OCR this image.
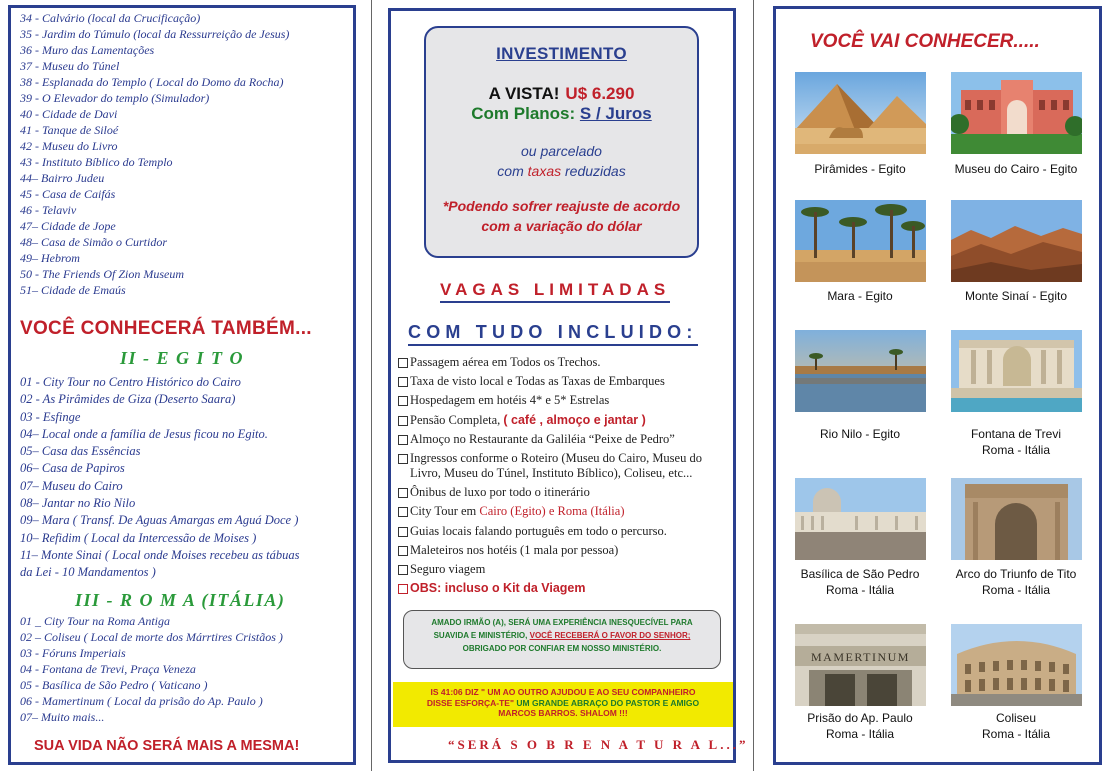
34 - Calvário (local da Crucificação)
35 - Jardim do Túmulo (local da Ressurreição de Jesus)
36 - Muro das Lamentações
37 - Museu do Túnel
38 - Esplanada do Templo ( Local do Domo da Rocha)
39 - O Elevador do templo (Simulador)
40 - Cidade de Davi
41 - Tanque de Siloé
42 - Museu do Livro
43 - Instituto Bíblico do Templo
44– Bairro Judeu
45 - Casa de Caifás
46 - Telaviv
47– Cidade de Jope
48– Casa de Simão o Curtidor
49– Hebrom
50 - The Friends Of Zion Museum
51– Cidade de Emaús
VOCÊ CONHECERÁ TAMBÉM...
II - E G I T O
01 - City Tour no Centro Histórico do Cairo
02 - As Pirâmides de Giza (Deserto Saara)
03 - Esfinge
04– Local onde a família de Jesus ficou no Egito.
05– Casa das Essências
06– Casa de Papiros
07– Museu do Cairo
08– Jantar no Rio Nilo
09– Mara ( Transf. De Aguas Amargas em Aguá Doce )
10– Refidim ( Local da Intercessão de Moises )
11– Monte Sinai ( Local onde Moises recebeu as tábuas
da Lei - 10 Mandamentos )
III - R O M A (ITÁLIA)
01 _ City Tour na Roma Antiga
02 – Coliseu ( Local de morte dos Márrtires Cristãos )
03 - Fóruns Imperiais
04 - Fontana de Trevi, Praça Veneza
05 - Basílica de São Pedro ( Vaticano )
06 - Mamertinum ( Local da prisão do Ap. Paulo )
07– Muito mais...
SUA VIDA NÃO SERÁ MAIS A MESMA!
INVESTIMENTO
A VISTA! U$ 6.290
Com Planos: S / Juros
ou parcelado
com taxas reduzidas
*Podendo sofrer reajuste de acordo
com a variação do dólar
VAGAS LIMITADAS
COM TUDO INCLUIDO:
Passagem aérea em Todos os Trechos.
Taxa de visto local e Todas as Taxas de Embarques
Hospedagem em hotéis 4* e 5* Estrelas
Pensão Completa, ( café , almoço e jantar )
Almoço no Restaurante da Galiléia “Peixe de Pedro”
Ingressos conforme o Roteiro (Museu do Cairo, Museu do Livro, Museu do Túnel, Instituto Bíblico), Coliseu, etc...
Ônibus de luxo por todo o itinerário
City Tour em Cairo (Egito) e Roma (Itália)
Guias locais falando português em todo o percurso.
Maleteiros nos hotéis (1 mala por pessoa)
Seguro viagem
OBS: incluso o Kit da Viagem
AMADO IRMÃO (A), SERÁ UMA EXPERIÊNCIA INESQUECÍVEL PARA
SUAVIDA E MINISTÉRIO, VOCÊ RECEBERÁ O FAVOR DO SENHOR;
OBRIGADO POR CONFIAR EM NOSSO MINISTÉRIO.
IS 41:06 DIZ " UM AO OUTRO AJUDOU E AO SEU COMPANHEIRO
DISSE ESFORÇA-TE" UM GRANDE ABRAÇO DO PASTOR E AMIGO
MARCOS BARROS. SHALOM !!!
“SERÁ S O B R E N A T U R A L...”
VOCÊ VAI CONHECER.....
Pirâmides - Egito	Museu do Cairo - Egito
Mara - Egito	Monte Sinaí - Egito
Rio Nilo - Egito	Fontana de Trevi
Roma - Itália
Basílica de São Pedro
Roma - Itália
Arco do Triunfo de Tito
Roma - Itália
MAMERTINUM
Prisão do Ap. Paulo
Roma - Itália
Coliseu
Roma - Itália
